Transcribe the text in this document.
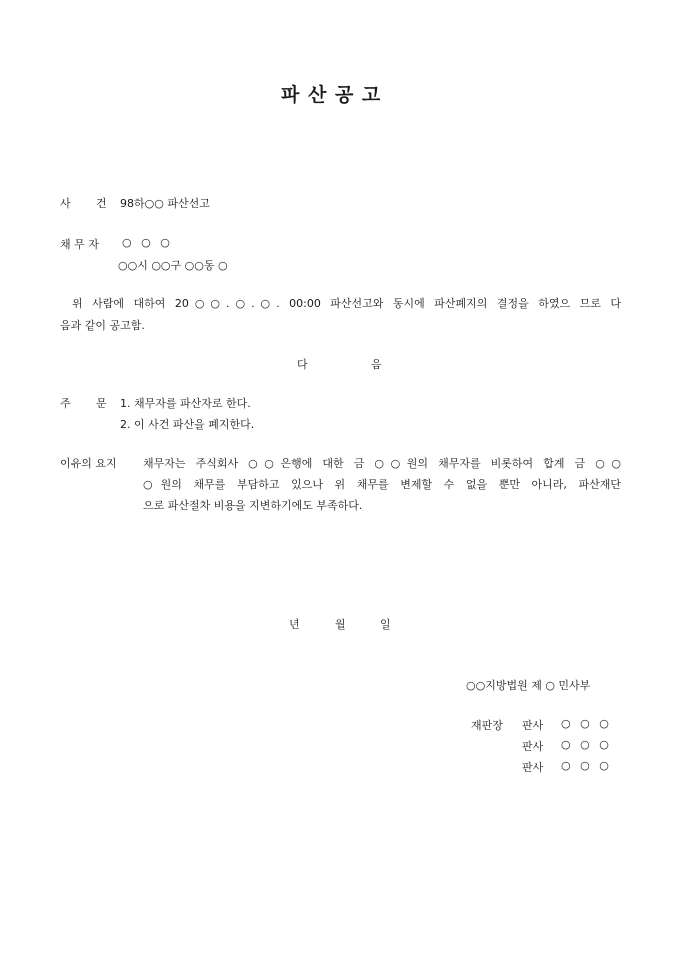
파 산 공 고
사 건 98하○○ 파산선고
채 무 자 ○ ○ ○
○○시 ○○구 ○○동 ○
위 사람에 대하여 20○○.○.○. 00:00 파산선고와 동시에 파산폐지의 결정을 하였으 므로 다
음과 같이 공고함.
다	음
주 문 1. 채무자를 파산자로 한다.
2. 이 사건 파산을 폐지한다.
이유의 요지 채무자는 주식회사 ○○은행에 대한 금 ○○원의 채무자를 비롯하여 합계 금 ○○
○원의 채무를 부담하고 있으나 위 채무를 변제할 수 없을 뿐만 아니라, 파산재단
으로 파산절차 비용을 지변하기에도 부족하다.
년	월	일
○○지방법원 제 ○ 민사부
재판장 판사 ○ ○ ○
판사 ○ ○ ○
판사 ○ ○ ○
